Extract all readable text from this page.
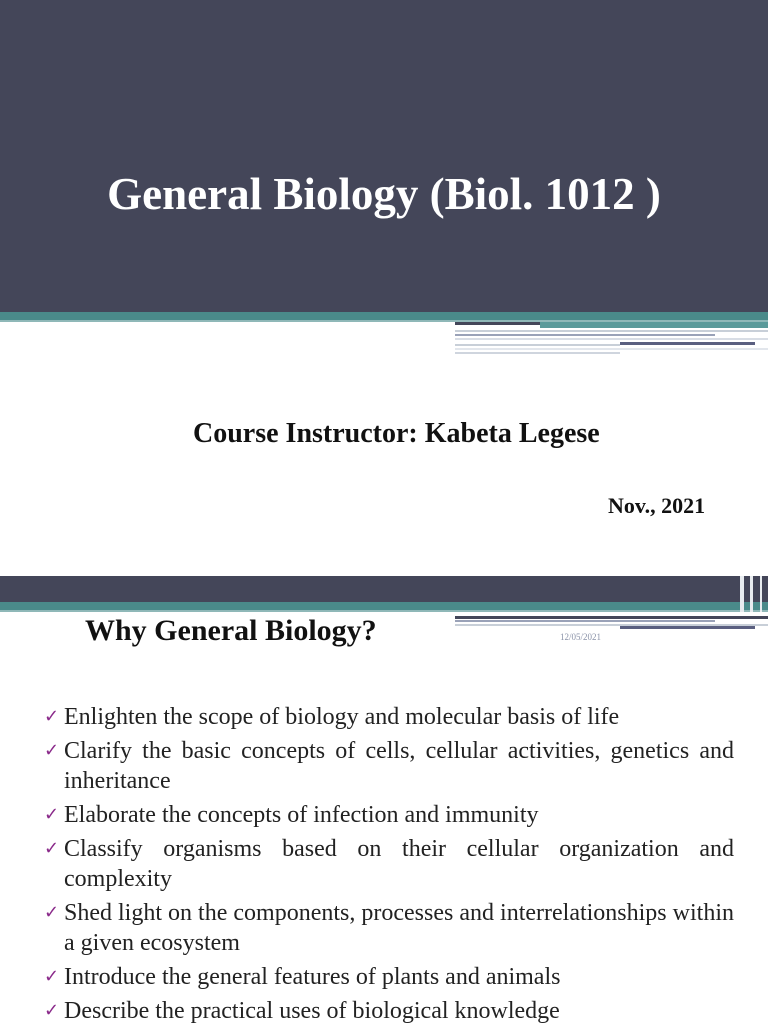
General Biology (Biol. 1012 )
Course Instructor: Kabeta Legese
Nov., 2021
Why General Biology?	12/05/2021
✓ Enlighten the scope of biology and molecular basis of life
✓ Clarify the basic concepts of cells, cellular activities, genetics and inheritance
✓ Elaborate the concepts of infection and immunity
✓ Classify organisms based on their cellular organization and complexity
✓ Shed light on the components, processes and interrelationships within a given ecosystem
✓ Introduce the general features of plants and animals
✓ Describe the practical uses of biological knowledge
